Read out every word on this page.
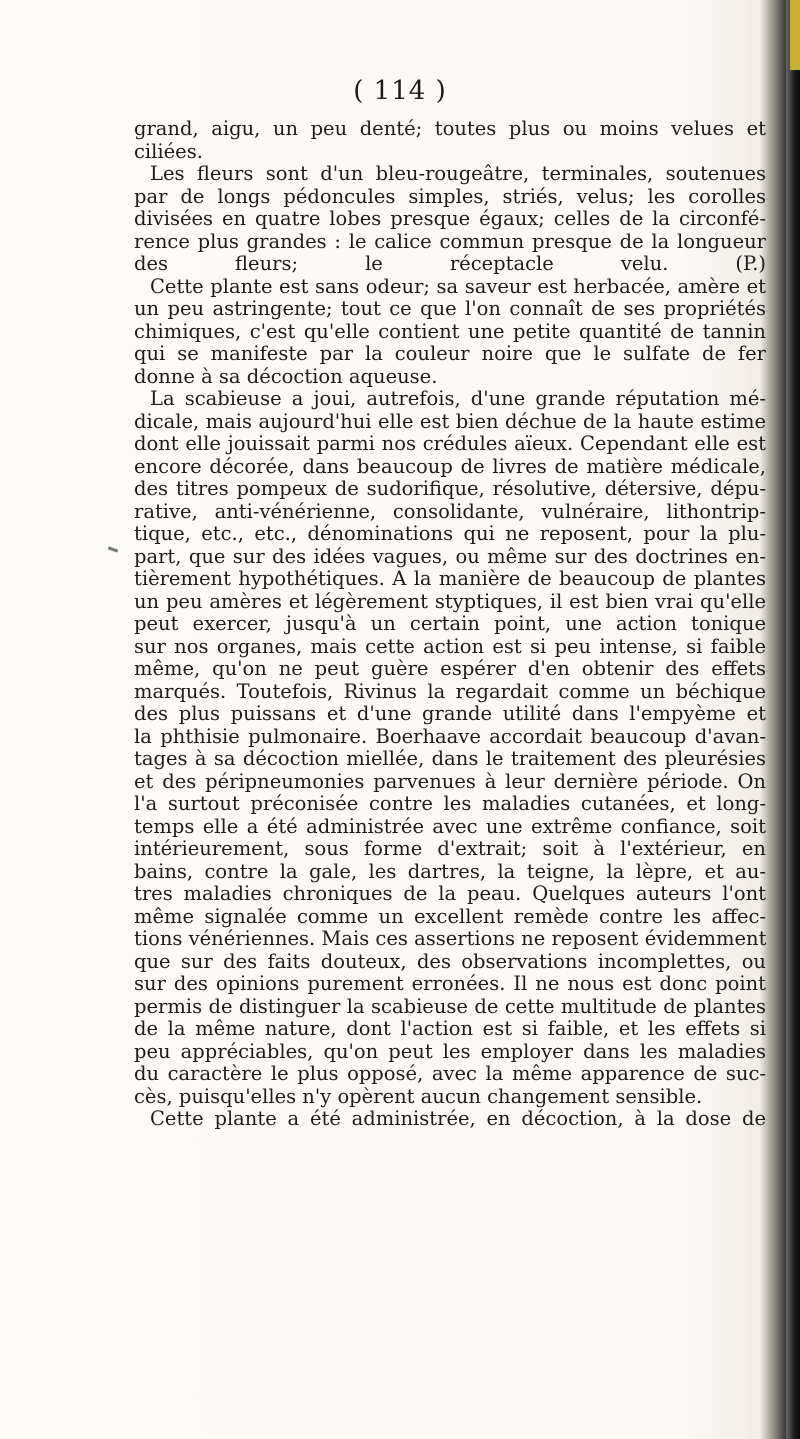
( 114 )
grand, aigu, un peu denté; toutes plus ou moins velues et
ciliées.
Les fleurs sont d'un bleu-rougeâtre, terminales, soutenues
par de longs pédoncules simples, striés, velus; les corolles
divisées en quatre lobes presque égaux; celles de la circonfé-
rence plus grandes : le calice commun presque de la longueur
des fleurs; le réceptacle velu. (P.)
Cette plante est sans odeur; sa saveur est herbacée, amère et
un peu astringente; tout ce que l'on connaît de ses propriétés
chimiques, c'est qu'elle contient une petite quantité de tannin
qui se manifeste par la couleur noire que le sulfate de fer
donne à sa décoction aqueuse.
La scabieuse a joui, autrefois, d'une grande réputation mé-
dicale, mais aujourd'hui elle est bien déchue de la haute estime
dont elle jouissait parmi nos crédules aïeux. Cependant elle est
encore décorée, dans beaucoup de livres de matière médicale,
des titres pompeux de sudorifique, résolutive, détersive, dépu-
rative, anti-vénérienne, consolidante, vulnéraire, lithontrip-
tique, etc., etc., dénominations qui ne reposent, pour la plu-
part, que sur des idées vagues, ou même sur des doctrines en-
tièrement hypothétiques. A la manière de beaucoup de plantes
un peu amères et légèrement styptiques, il est bien vrai qu'elle
peut exercer, jusqu'à un certain point, une action tonique
sur nos organes, mais cette action est si peu intense, si faible
même, qu'on ne peut guère espérer d'en obtenir des effets
marqués. Toutefois, Rivinus la regardait comme un béchique
des plus puissans et d'une grande utilité dans l'empyème et
la phthisie pulmonaire. Boerhaave accordait beaucoup d'avan-
tages à sa décoction miellée, dans le traitement des pleurésies
et des péripneumonies parvenues à leur dernière période. On
l'a surtout préconisée contre les maladies cutanées, et long-
temps elle a été administrée avec une extrême confiance, soit
intérieurement, sous forme d'extrait; soit à l'extérieur, en
bains, contre la gale, les dartres, la teigne, la lèpre, et au-
tres maladies chroniques de la peau. Quelques auteurs l'ont
même signalée comme un excellent remède contre les affec-
tions vénériennes. Mais ces assertions ne reposent évidemment
que sur des faits douteux, des observations incomplettes, ou
sur des opinions purement erronées. Il ne nous est donc point
permis de distinguer la scabieuse de cette multitude de plantes
de la même nature, dont l'action est si faible, et les effets si
peu appréciables, qu'on peut les employer dans les maladies
du caractère le plus opposé, avec la même apparence de suc-
cès, puisqu'elles n'y opèrent aucun changement sensible.
Cette plante a été administrée, en décoction, à la dose de
